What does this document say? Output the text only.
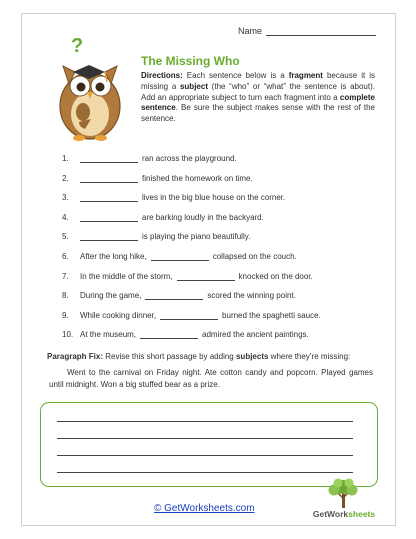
Name
?
The Missing Who
Directions: Each sentence below is a fragment because it is missing a subject (the “who” or “what” the sentence is about). Add an appropriate subject to turn each fragment into a complete sentence. Be sure the subject makes sense with the rest of the sentence.
1.	ran across the playground.
2.	finished the homework on time.
3.	lives in the big blue house on the corner.
4.	are barking loudly in the backyard.
5.	is playing the piano beautifully.
6.	After the long hike,	collapsed on the couch.
7.	In the middle of the storm,	knocked on the door.
8.	During the game,	scored the winning point.
9.	While cooking dinner,	burned the spaghetti sauce.
10. At the museum,	admired the ancient paintings.
Paragraph Fix: Revise this short passage by adding subjects where they’re missing:
Went to the carnival on Friday night. Ate cotton candy and popcorn. Played games until midnight. Won a big stuffed bear as a prize.
© GetWorksheets.com	GetWorksheets
